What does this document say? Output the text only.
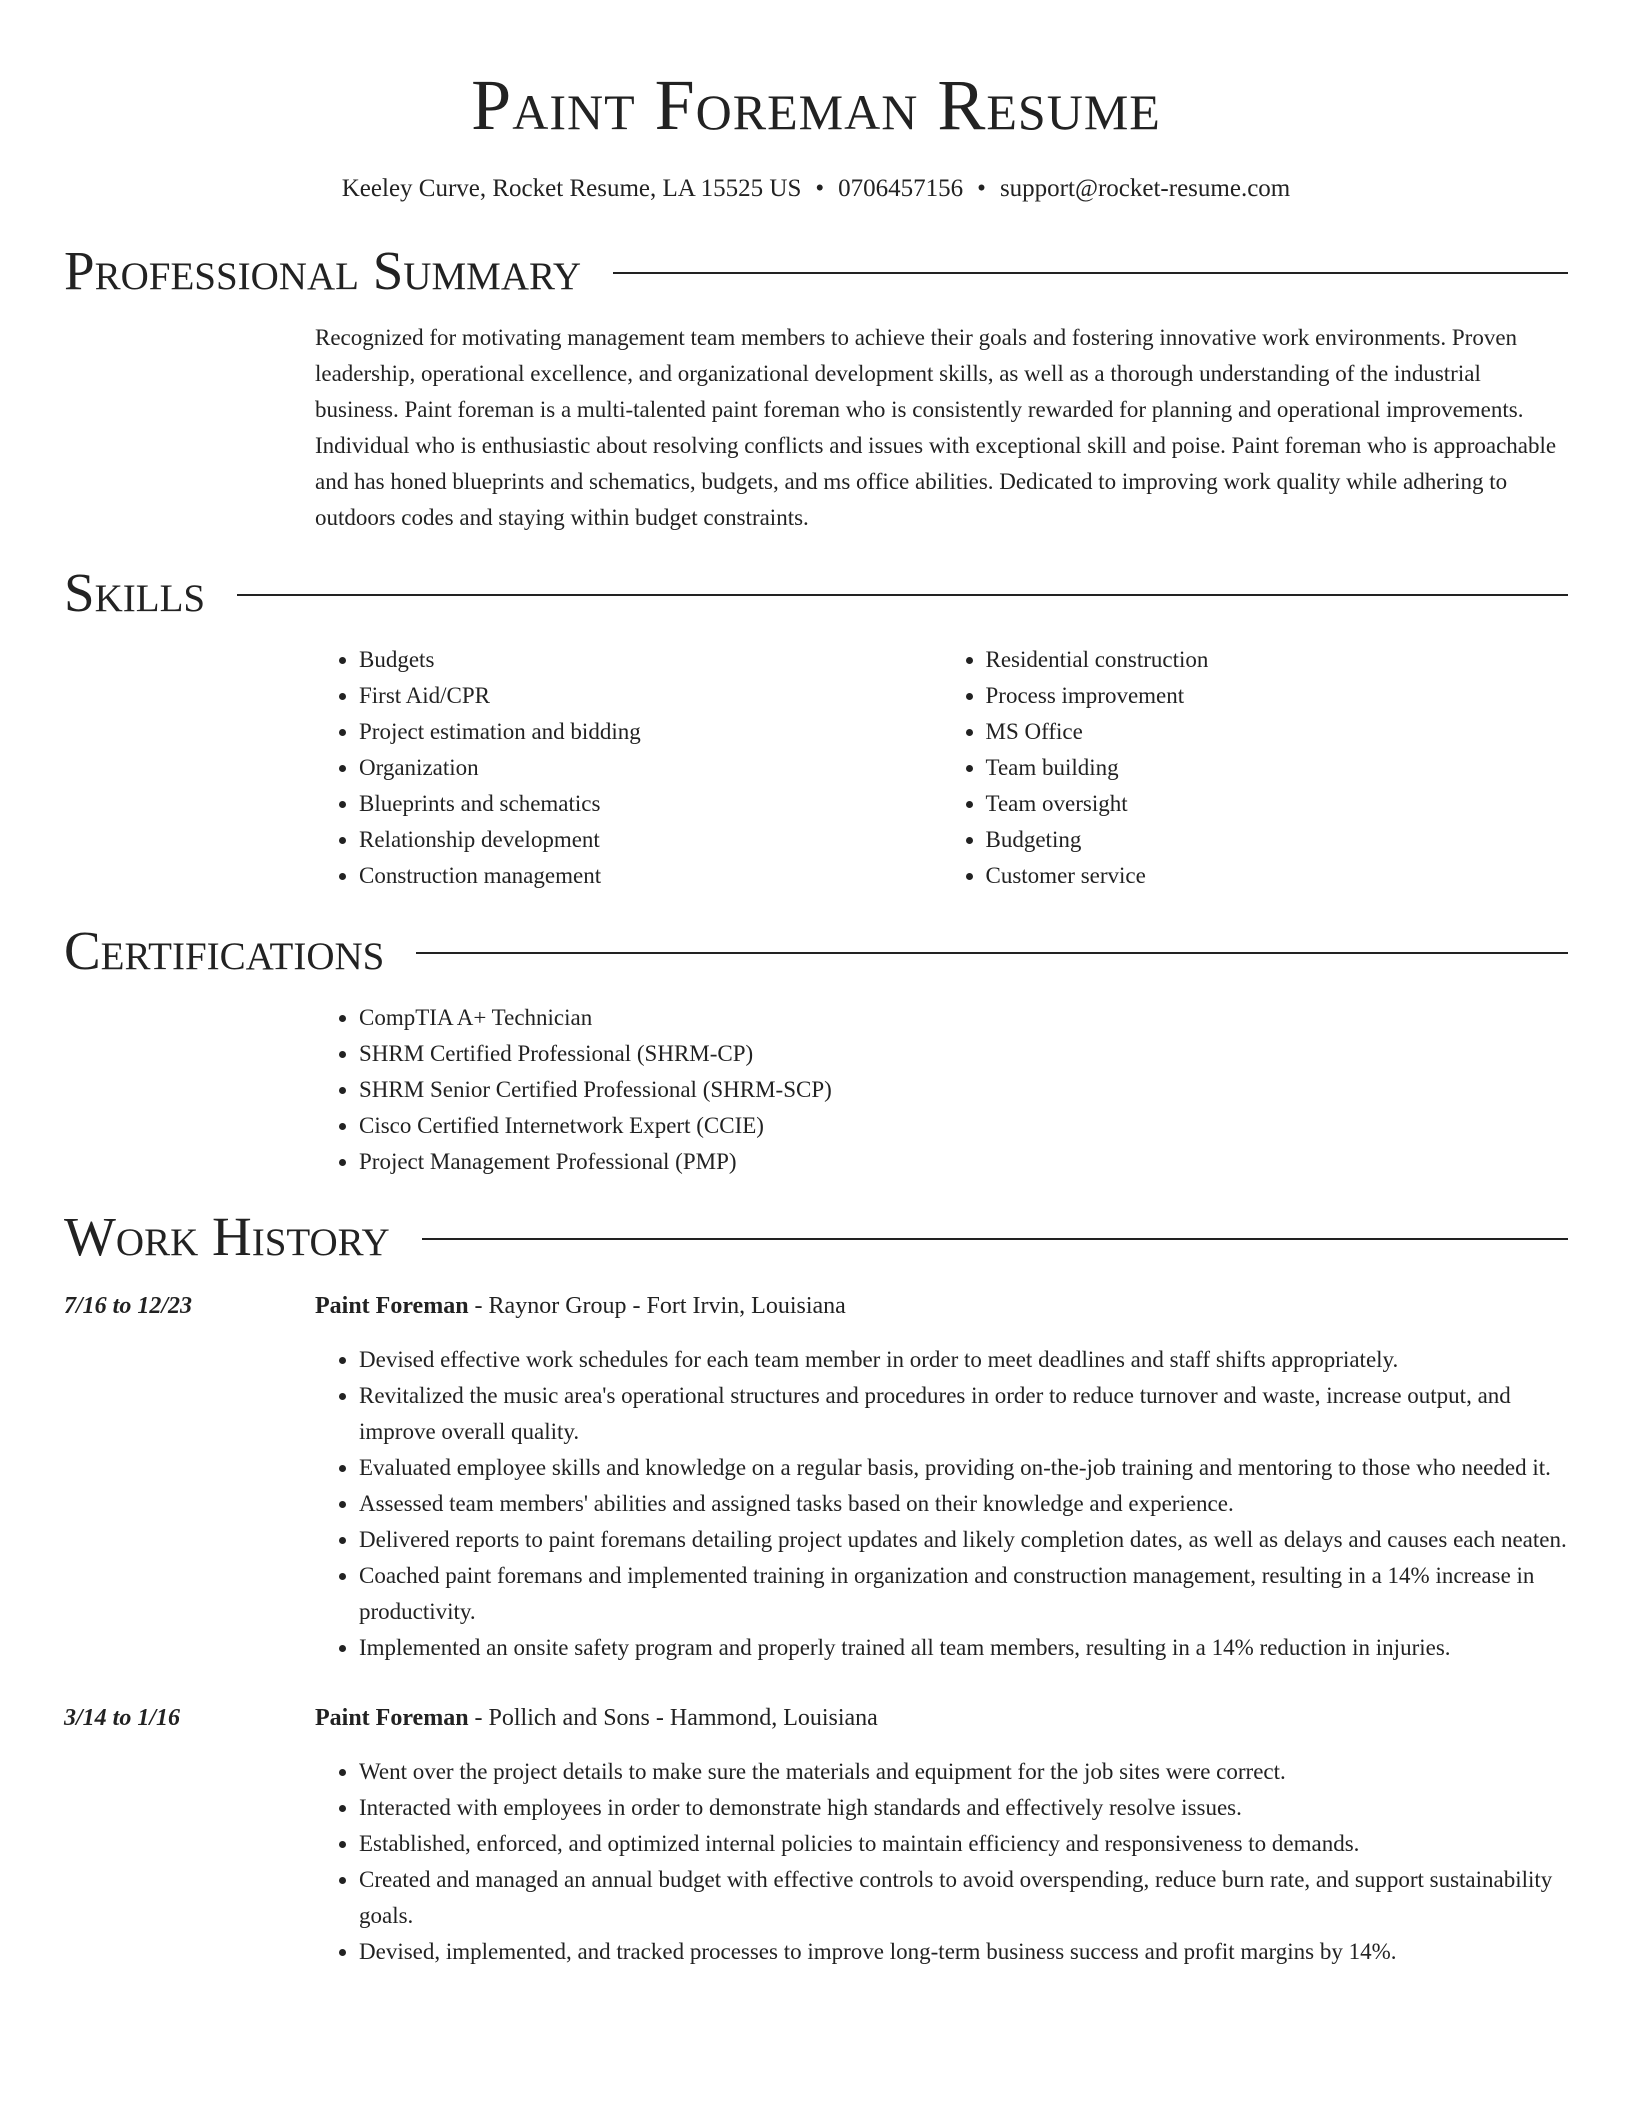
Paint Foreman Resume
Keeley Curve, Rocket Resume, LA 15525 US • 0706457156 • support@rocket-resume.com
Professional Summary
Recognized for motivating management team members to achieve their goals and fostering innovative work environments. Proven leadership, operational excellence, and organizational development skills, as well as a thorough understanding of the industrial business. Paint foreman is a multi-talented paint foreman who is consistently rewarded for planning and operational improvements. Individual who is enthusiastic about resolving conflicts and issues with exceptional skill and poise. Paint foreman who is approachable and has honed blueprints and schematics, budgets, and ms office abilities. Dedicated to improving work quality while adhering to outdoors codes and staying within budget constraints.
Skills
• Budgets
• First Aid/CPR
• Project estimation and bidding
• Organization
• Blueprints and schematics
• Relationship development
• Construction management
• Residential construction
• Process improvement
• MS Office
• Team building
• Team oversight
• Budgeting
• Customer service
Certifications
• CompTIA A+ Technician
• SHRM Certified Professional (SHRM-CP)
• SHRM Senior Certified Professional (SHRM-SCP)
• Cisco Certified Internetwork Expert (CCIE)
• Project Management Professional (PMP)
Work History
7/16 to 12/23	Paint Foreman - Raynor Group - Fort Irvin, Louisiana
• Devised effective work schedules for each team member in order to meet deadlines and staff shifts appropriately.
• Revitalized the music area's operational structures and procedures in order to reduce turnover and waste, increase output, and improve overall quality.
• Evaluated employee skills and knowledge on a regular basis, providing on-the-job training and mentoring to those who needed it.
• Assessed team members' abilities and assigned tasks based on their knowledge and experience.
• Delivered reports to paint foremans detailing project updates and likely completion dates, as well as delays and causes each neaten.
• Coached paint foremans and implemented training in organization and construction management, resulting in a 14% increase in productivity.
• Implemented an onsite safety program and properly trained all team members, resulting in a 14% reduction in injuries.
3/14 to 1/16	Paint Foreman - Pollich and Sons - Hammond, Louisiana
• Went over the project details to make sure the materials and equipment for the job sites were correct.
• Interacted with employees in order to demonstrate high standards and effectively resolve issues.
• Established, enforced, and optimized internal policies to maintain efficiency and responsiveness to demands.
• Created and managed an annual budget with effective controls to avoid overspending, reduce burn rate, and support sustainability goals.
• Devised, implemented, and tracked processes to improve long-term business success and profit margins by 14%.
